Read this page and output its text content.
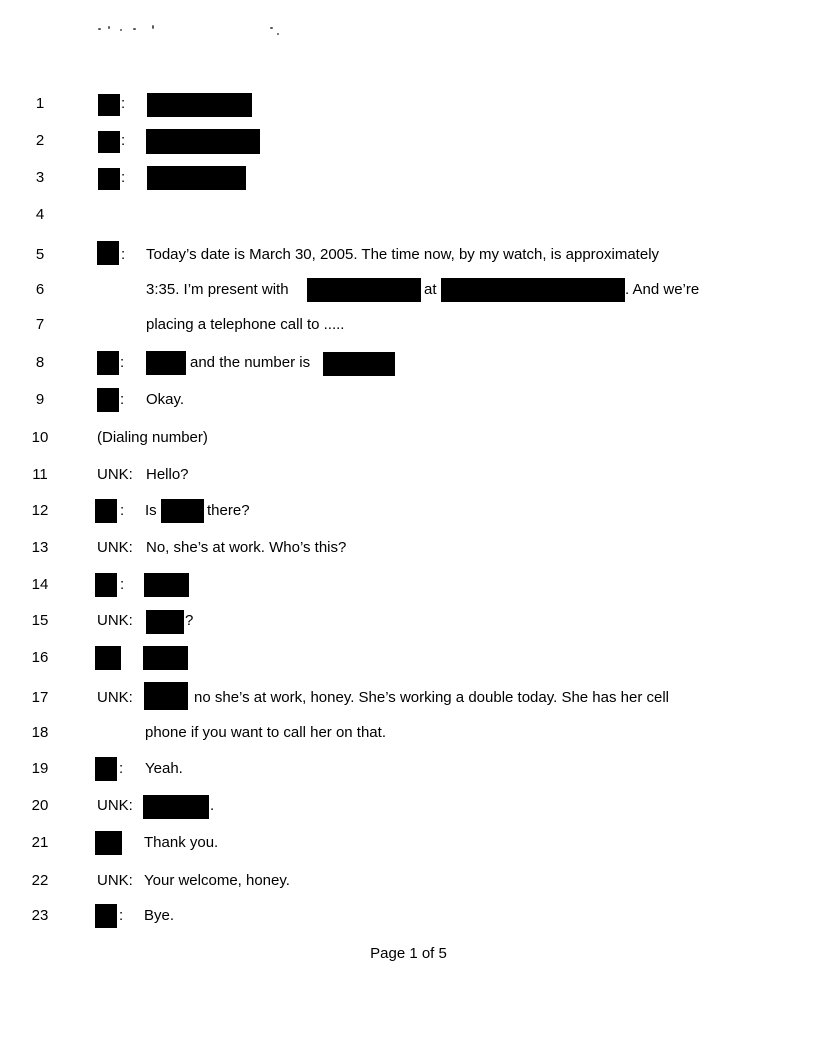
1	:
2	:
3	:
4
5	: Today’s date is March 30, 2005. The time now, by my watch, is approximately
6	3:35. I’m present with	at	. And we’re
7	placing a telephone call to .....
8	:	and the number is
9	: Okay.
10	(Dialing number)
11	UNK: Hello?
12	: Is	there?
13	UNK: No, she’s at work. Who’s this?
14	:
15	UNK:	?
16
17	UNK:	no she’s at work, honey. She’s working a double today. She has her cell
18	phone if you want to call her on that.
19	: Yeah.
20	UNK:	.
21	Thank you.
22	UNK: Your welcome, honey.
23	: Bye.
Page 1 of 5
